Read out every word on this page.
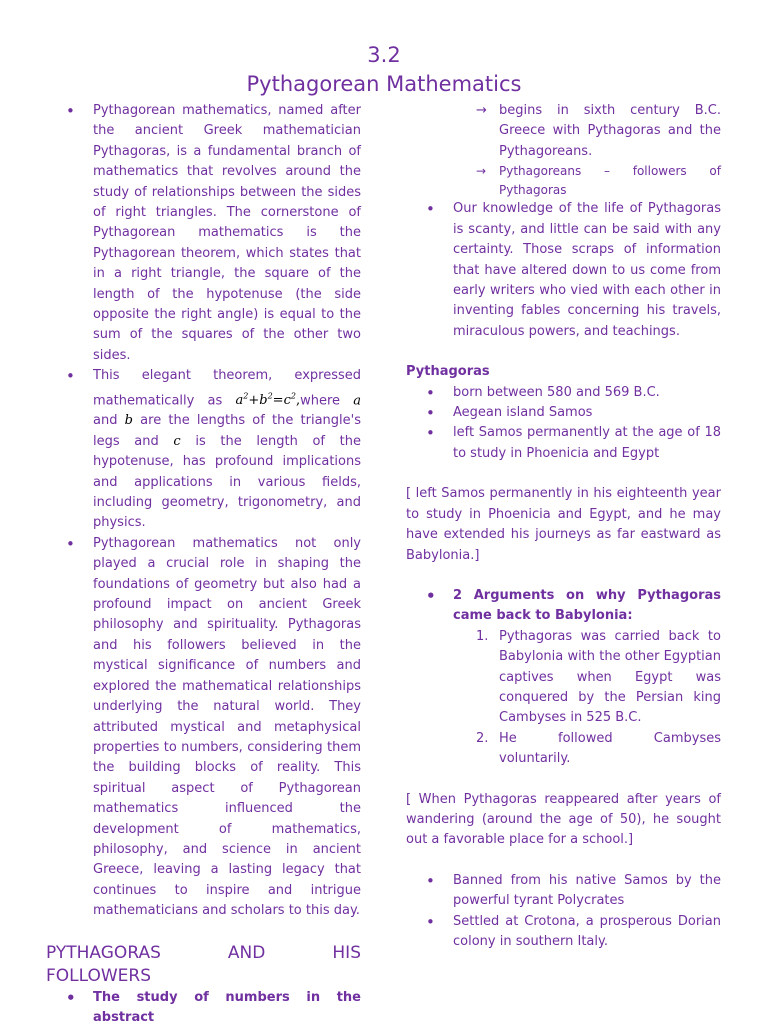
3.2
Pythagorean Mathematics
• Pythagorean mathematics, named after the ancient Greek mathematician Pythagoras, is a fundamental branch of mathematics that revolves around the study of relationships between the sides of right triangles. The cornerstone of Pythagorean mathematics is the Pythagorean theorem, which states that in a right triangle, the square of the length of the hypotenuse (the side opposite the right angle) is equal to the sum of the squares of the other two sides.
• This elegant theorem, expressed mathematically as $a^2+b^2=c^2,where$ a and b are the lengths of the triangle's legs and c is the length of the hypotenuse, has profound implications and applications in various fields, including geometry, trigonometry, and physics.
• Pythagorean mathematics not only played a crucial role in shaping the foundations of geometry but also had a profound impact on ancient Greek philosophy and spirituality. Pythagoras and his followers believed in the mystical significance of numbers and explored the mathematical relationships underlying the natural world. They attributed mystical and metaphysical properties to numbers, considering them the building blocks of reality. This spiritual aspect of Pythagorean mathematics influenced the development of mathematics, philosophy, and science in ancient Greece, leaving a lasting legacy that continues to inspire and intrigue mathematicians and scholars to this day.
PYTHAGORAS AND HIS

FOLLOWERS
• The study of numbers in the abstract
→ begins in sixth century B.C. Greece with Pythagoras and the Pythagoreans.
→ Pythagoreans – followers of Pythagoras
• Our knowledge of the life of Pythagoras is scanty, and little can be said with any certainty. Those scraps of information that have altered down to us come from early writers who vied with each other in inventing fables concerning his travels, miraculous powers, and teachings.
Pythagoras
• born between 580 and 569 B.C.
• Aegean island Samos
• left Samos permanently at the age of 18 to study in Phoenicia and Egypt
[ left Samos permanently in his eighteenth year to study in Phoenicia and Egypt, and he may have extended his journeys as far eastward as Babylonia.]
• 2 Arguments on why Pythagoras came back to Babylonia:
1. Pythagoras was carried back to Babylonia with the other Egyptian captives when Egypt was conquered by the Persian king Cambyses in 525 B.C.
2. He followed Cambyses voluntarily.
[ When Pythagoras reappeared after years of wandering (around the age of 50), he sought out a favorable place for a school.]
• Banned from his native Samos by the powerful tyrant Polycrates
• Settled at Crotona, a prosperous Dorian colony in southern Italy.
